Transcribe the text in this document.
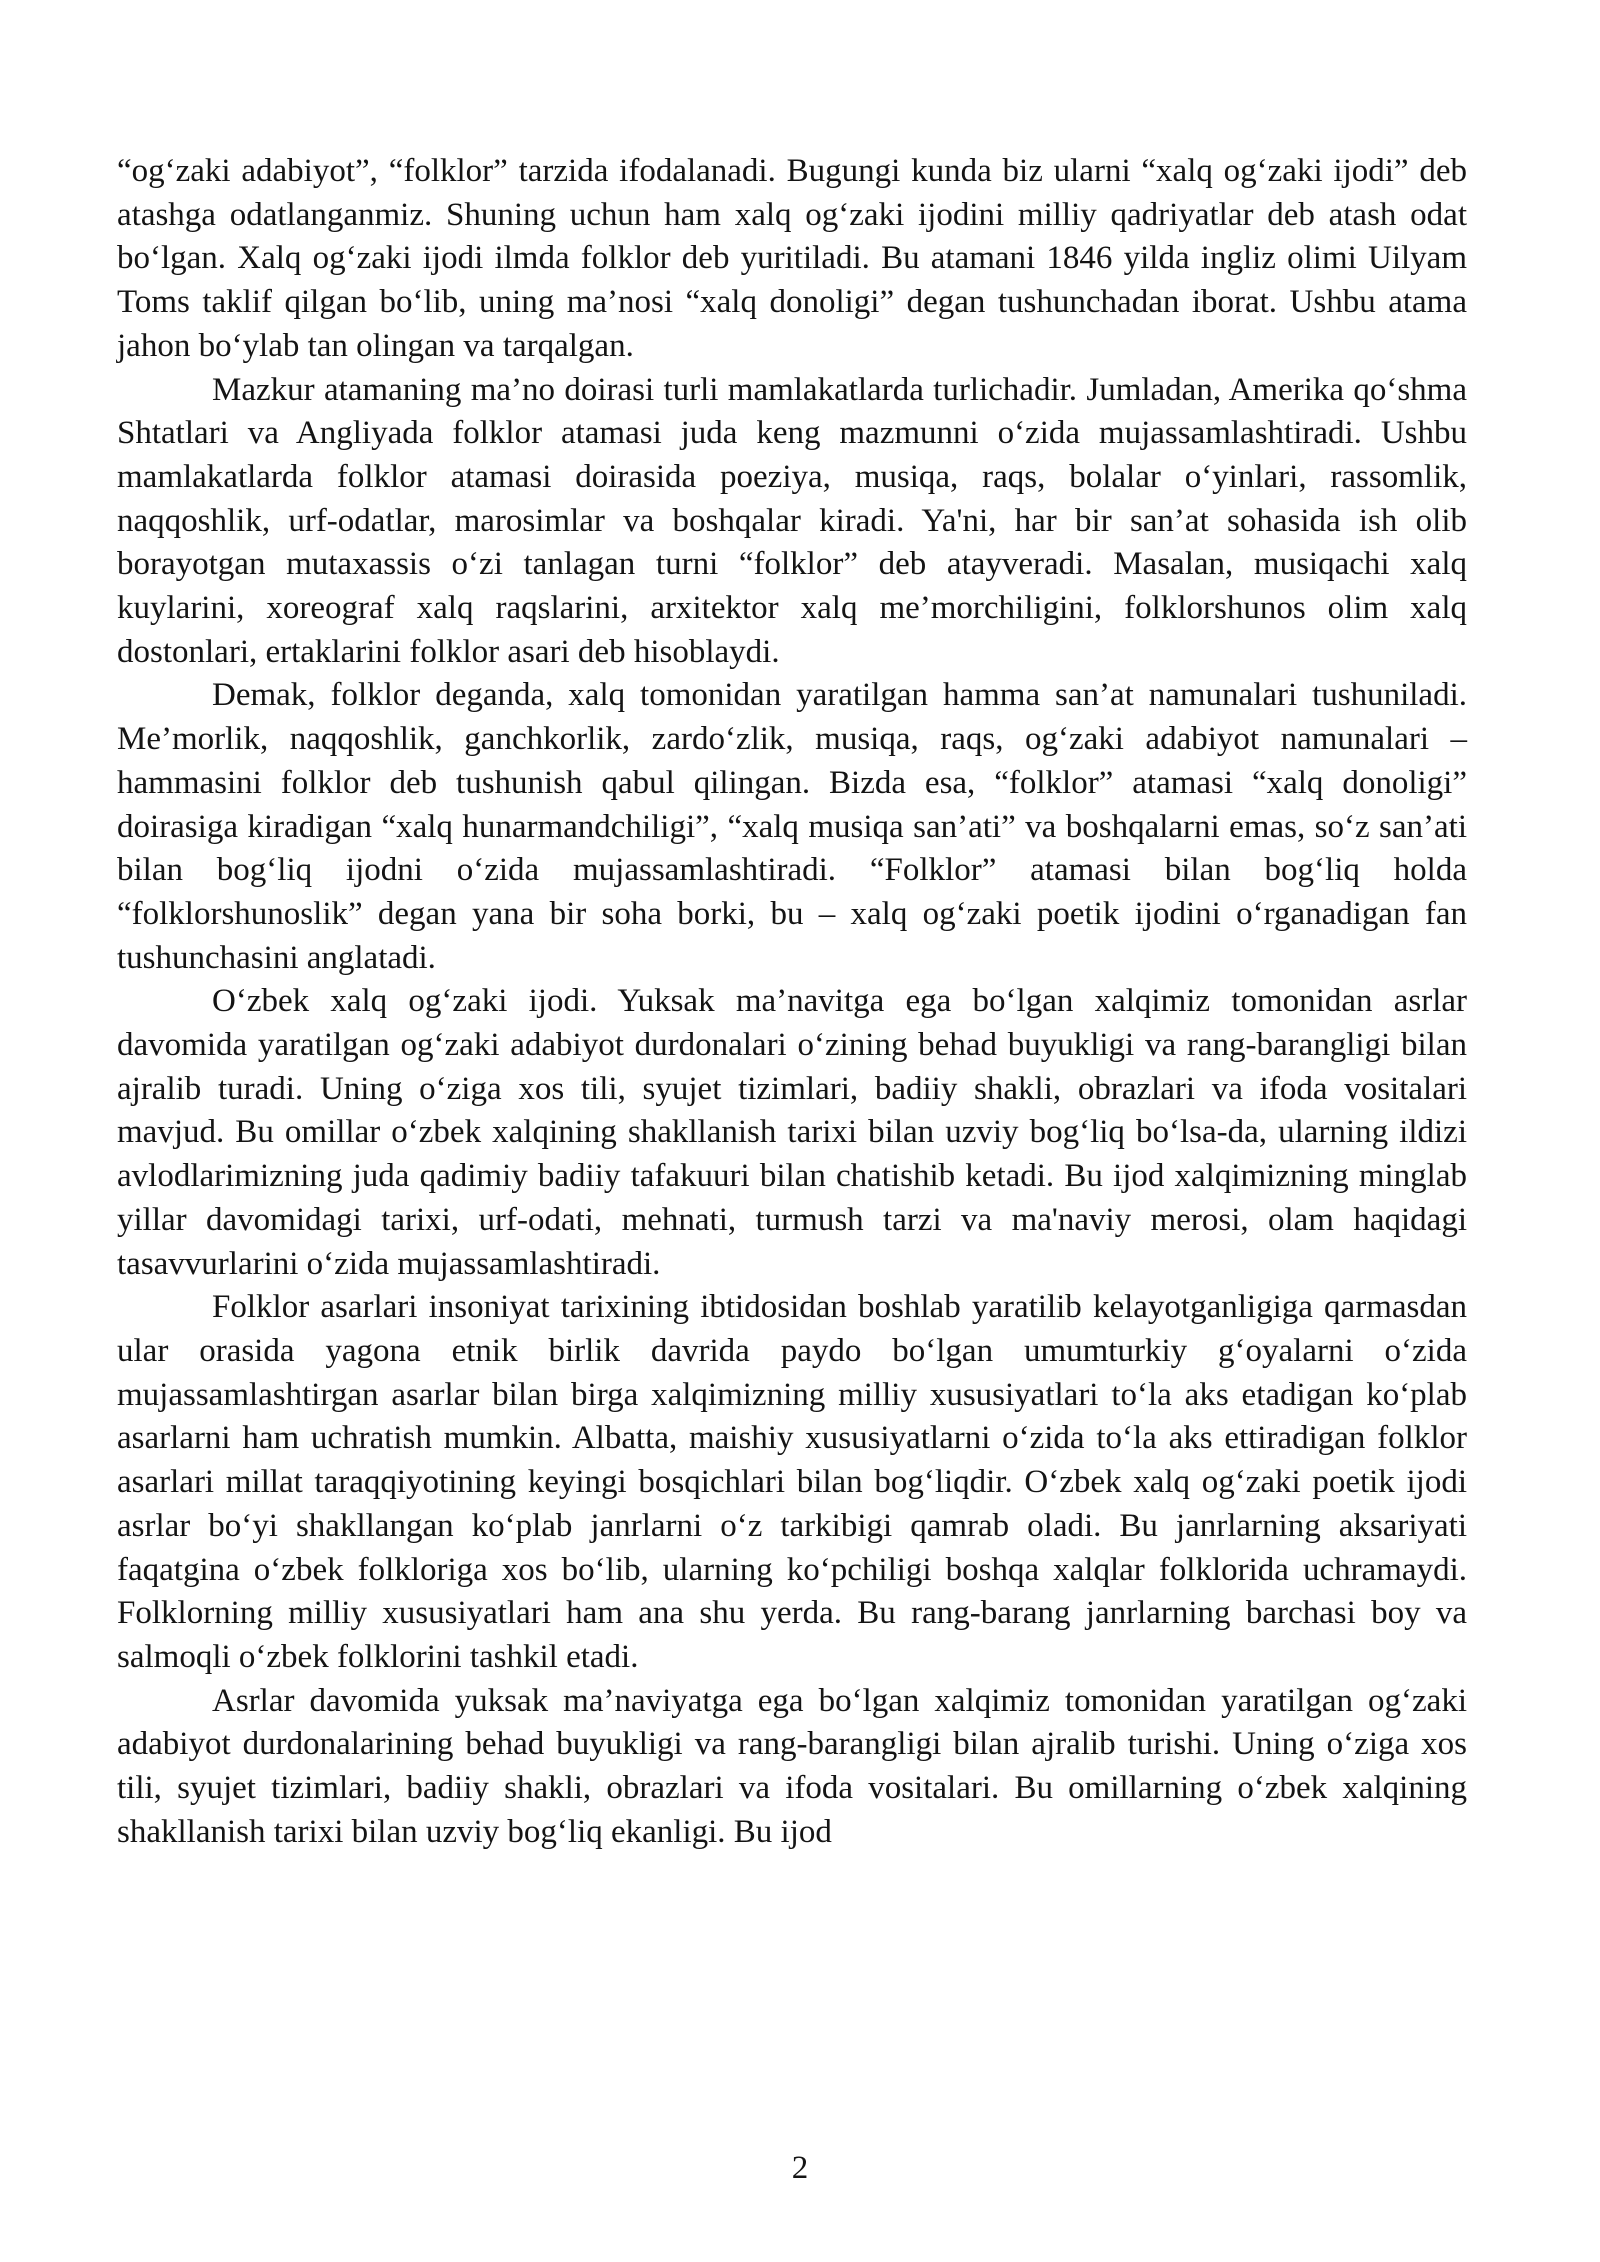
“og‘zaki adabiyot”, “folklor” tarzida ifodalanadi. Bugungi kunda biz ularni “xalq og‘zaki ijodi” deb atashga odatlanganmiz. Shuning uchun ham xalq og‘zaki ijodini milliy qadriyatlar deb atash odat bo‘lgan. Xalq og‘zaki ijodi ilmda folklor deb yuritiladi. Bu atamani 1846 yilda ingliz olimi Uilyam Toms taklif qilgan bo‘lib, uning ma’nosi “xalq donoligi” degan tushunchadan iborat. Ushbu atama jahon bo‘ylab tan olingan va tarqalgan.

Mazkur atamaning ma’no doirasi turli mamlakatlarda turlichadir. Jumladan, Amerika qo‘shma Shtatlari va Angliyada folklor atamasi juda keng mazmunni o‘zida mujassamlashtiradi. Ushbu mamlakatlarda folklor atamasi doirasida poeziya, musiqa, raqs, bolalar o‘yinlari, rassomlik, naqqoshlik, urf-odatlar, marosimlar va boshqalar kiradi. Ya'ni, har bir san’at sohasida ish olib borayotgan mutaxassis o‘zi tanlagan turni “folklor” deb atayveradi. Masalan, musiqachi xalq kuylarini, xoreograf xalq raqslarini, arxitektor xalq me’morchiligini, folklorshunos olim xalq dostonlari, ertaklarini folklor asari deb hisoblaydi.

Demak, folklor deganda, xalq tomonidan yaratilgan hamma san’at namunalari tushuniladi. Me’morlik, naqqoshlik, ganchkorlik, zardo‘zlik, musiqa, raqs, og‘zaki adabiyot namunalari – hammasini folklor deb tushunish qabul qilingan. Bizda esa, “folklor” atamasi “xalq donoligi” doirasiga kiradigan “xalq hunarmandchiligi”, “xalq musiqa san’ati” va boshqalarni emas, so‘z san’ati bilan bog‘liq ijodni o‘zida mujassamlashtiradi. “Folklor” atamasi bilan bog‘liq holda “folklorshunoslik” degan yana bir soha borki, bu – xalq og‘zaki poetik ijodini o‘rganadigan fan tushunchasini anglatadi.

O‘zbek xalq og‘zaki ijodi. Yuksak ma’navitga ega bo‘lgan xalqimiz tomonidan asrlar davomida yaratilgan og‘zaki adabiyot durdonalari o‘zining behad buyukligi va rang-barangligi bilan ajralib turadi. Uning o‘ziga xos tili, syujet tizimlari, badiiy shakli, obrazlari va ifoda vositalari mavjud. Bu omillar o‘zbek xalqining shakllanish tarixi bilan uzviy bog‘liq bo‘lsa-da, ularning ildizi avlodlarimizning juda qadimiy badiiy tafakuuri bilan chatishib ketadi. Bu ijod xalqimizning minglab yillar davomidagi tarixi, urf-odati, mehnati, turmush tarzi va ma'naviy merosi, olam haqidagi tasavvurlarini o‘zida mujassamlashtiradi.

Folklor asarlari insoniyat tarixining ibtidosidan boshlab yaratilib kelayotganligiga qarmasdan ular orasida yagona etnik birlik davrida paydo bo‘lgan umumturkiy g‘oyalarni o‘zida mujassamlashtirgan asarlar bilan birga xalqimizning milliy xususiyatlari to‘la aks etadigan ko‘plab asarlarni ham uchratish mumkin. Albatta, maishiy xususiyatlarni o‘zida to‘la aks ettiradigan folklor asarlari millat taraqqiyotining keyingi bosqichlari bilan bog‘liqdir. O‘zbek xalq og‘zaki poetik ijodi asrlar bo‘yi shakllangan ko‘plab janrlarni o‘z tarkibigi qamrab oladi. Bu janrlarning aksariyati faqatgina o‘zbek folkloriga xos bo‘lib, ularning ko‘pchiligi boshqa xalqlar folklorida uchramaydi. Folklorning milliy xususiyatlari ham ana shu yerda. Bu rang-barang janrlarning barchasi boy va salmoqli o‘zbek folklorini tashkil etadi.

Asrlar davomida yuksak ma’naviyatga ega bo‘lgan xalqimiz tomonidan yaratilgan og‘zaki adabiyot durdonalarining behad buyukligi va rang-barangligi bilan ajralib turishi. Uning o‘ziga xos tili, syujet tizimlari, badiiy shakli, obrazlari va ifoda vositalari. Bu omillarning o‘zbek xalqining shakllanish tarixi bilan uzviy bog‘liq ekanligi. Bu ijod

2
